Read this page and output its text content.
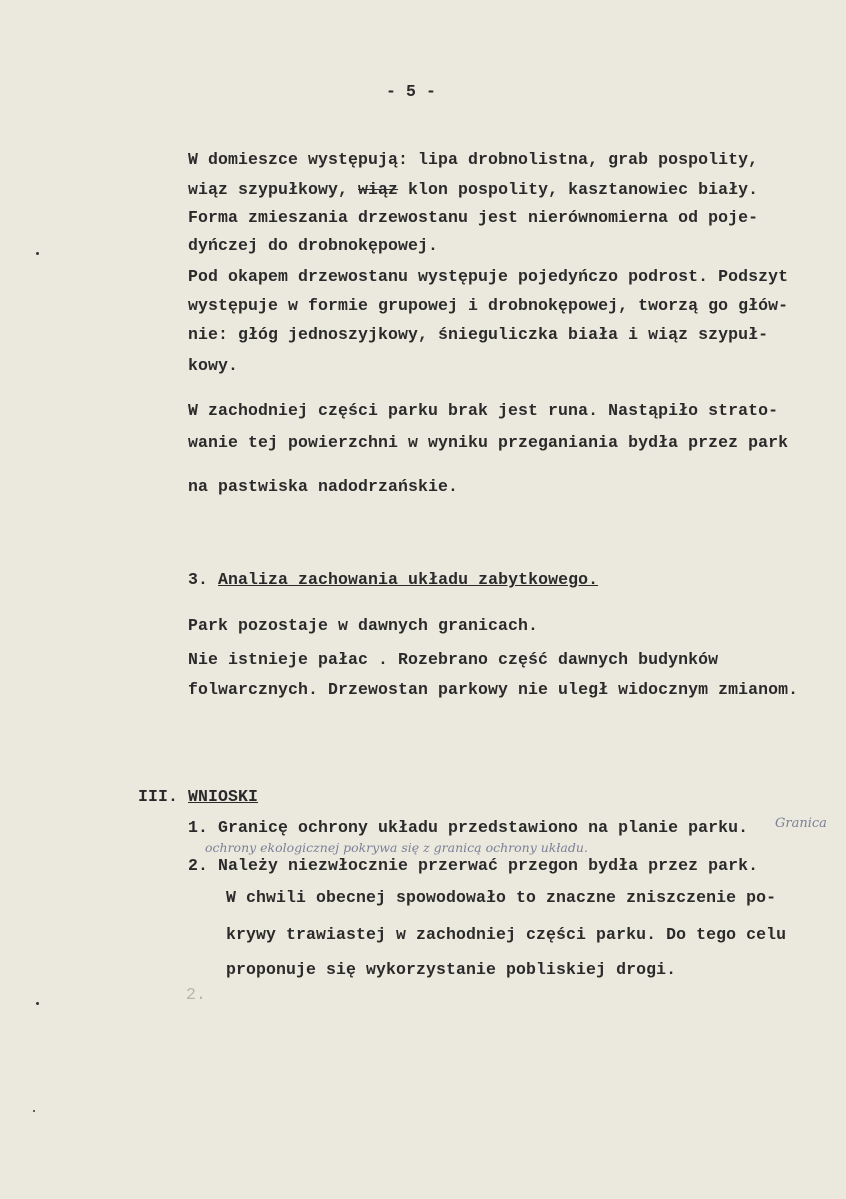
- 5 -
W domieszce występują: lipa drobnolistna, grab pospolity,
wiąz szypułkowy, wiąz klon pospolity, kasztanowiec biały.
Forma zmieszania drzewostanu jest nierównomierna od poje-
dyńczej do drobnokępowej.
Pod okapem drzewostanu występuje pojedyńczo podrost. Podszyt
występuje w formie grupowej i drobnokępowej, tworzą go głów-
nie: głóg jednoszyjkowy, śnieguliczka biała i wiąz szypuł-
kowy.
W zachodniej części parku brak jest runa. Nastąpiło strato-
wanie tej powierzchni w wyniku przeganiania bydła przez park
na pastwiska nadodrzańskie.
3. Analiza zachowania układu zabytkowego.
Park pozostaje w dawnych granicach.
Nie istnieje pałac . Rozebrano część dawnych budynków
folwarcznych. Drzewostan parkowy nie uległ widocznym zmianom.
III. WNIOSKI
1. Granicę ochrony układu przedstawiono na planie parku. Granica
ochrony ekologicznej pokrywa się z granicą ochrony układu.
2. Należy niezwłocznie przerwać przegon bydła przez park.
W chwili obecnej spowodowało to znaczne zniszczenie po-
krywy trawiastej w zachodniej części parku. Do tego celu
proponuje się wykorzystanie pobliskiej drogi.
2.
